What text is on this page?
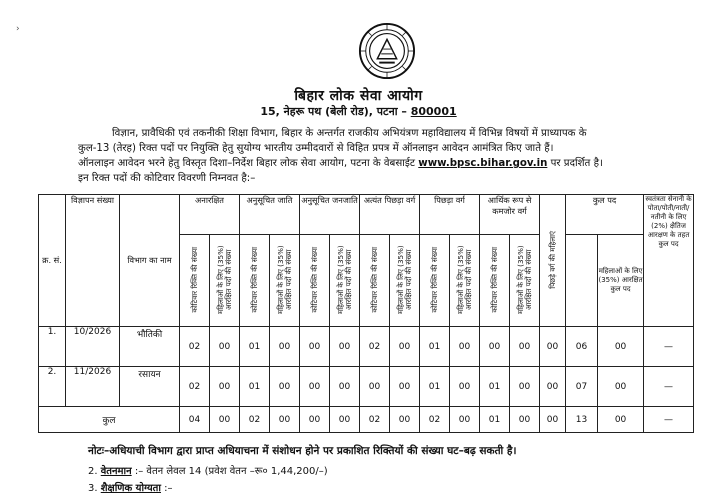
›
बिहार लोक सेवा आयोग
15, नेहरू पथ (बेली रोड), पटना – 800001
विज्ञान, प्रावैधिकी एवं तकनीकी शिक्षा विभाग, बिहार के अन्तर्गत राजकीय अभियंत्रण महाविद्यालय में विभिन्न विषयों में प्राध्यापक के
कुल-13 (तेरह) रिक्त पदों पर नियुक्ति हेतु सुयोग्य भारतीय उम्मीदवारों से विहित प्रपत्र में ऑनलाइन आवेदन आमंत्रित किए जाते हैं।
ऑनलाइन आवेदन भरने हेतु विस्तृत दिशा–निर्देश बिहार लोक सेवा आयोग, पटना के वेबसाईट www.bpsc.bihar.gov.in पर प्रदर्शित है।
इन रिक्त पदों की कोटिवार विवरणी निम्नवत है:–
क्र. सं.	विज्ञापन संख्या	विभाग का नाम	अनारक्षित		अनुसूचित जाति		अनुसूचित जनजाति		अत्यंत पिछड़ा वर्ग		पिछड़ा वर्ग		आर्थिक रूप से कमजोर वर्ग		पिछड़े वर्ग की महिलाएं	कुल पद		स्वतंत्रता सेनानी के पोता/पोती/नाती/नतीनी के लिए (2%) क्षैतिज आरक्षण के तहत कुल पद	
			कोटिवार रिक्ति की संख्या	महिलाओं के लिए (35%) आरक्षित पदों की संख्या	कोटिवार रिक्ति की संख्या	महिलाओं के लिए (35%) आरक्षित पदों की संख्या	कोटिवार रिक्ति की संख्या	महिलाओं के लिए (35%) आरक्षित पदों की संख्या	कोटिवार रिक्ति की संख्या	महिलाओं के लिए (35%) आरक्षित पदों की संख्या	कोटिवार रिक्ति की संख्या	महिलाओं के लिए (35%) आरक्षित पदों की संख्या	कोटिवार रिक्ति की संख्या	महिलाओं के लिए (35%) आरक्षित पदों की संख्या			महिलाओं के लिए (35%) आरक्षित कुल पद		
1.	10/2026	भौतिकी	02	00	01	00	00	00	02	00	01	00	00	00	00	06	00	—	
2.	11/2026	रसायन	02	00	01	00	00	00	00	00	01	00	01	00	00	07	00	—	
कुल			04	00	02	00	00	00	02	00	02	00	01	00	00	13	00	—	
नोटः–अधियाची विभाग द्वारा प्राप्त अधियाचना में संशोधन होने पर प्रकाशित रिक्तियों की संख्या घट–बढ़ सकती है।
2. वेतनमान :– वेतन लेवल 14 (प्रवेश वेतन –रू० 1,44,200/–)
3. शैक्षणिक योग्यता :–
